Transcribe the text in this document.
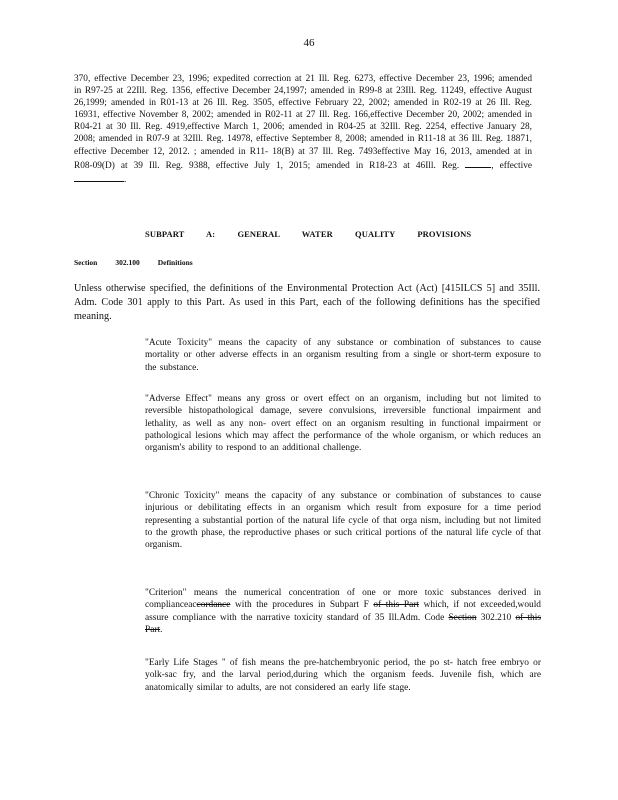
46
370, effective December 23, 1996; expedited correction at 21 Ill. Reg. 6273, effective December 23, 1996; amended in R97-25 at 22Ill. Reg. 1356, effective December 24,1997; amended in R99-8 at 23Ill. Reg. 11249, effective August 26,1999; amended in R01-13 at 26 Ill. Reg. 3505, effective February 22, 2002; amended in R02-19 at 26 Ill. Reg. 16931, effective November 8, 2002; amended in R02-11 at 27 Ill. Reg. 166,effective December 20, 2002; amended in R04-21 at 30 Ill. Reg. 4919,effective March 1, 2006; amended in R04-25 at 32Ill. Reg. 2254, effective January 28, 2008; amended in R07-9 at 32Ill. Reg. 14978, effective September 8, 2008; amended in R11-18 at 36 Ill. Reg. 18871, effective December 12, 2012. ; amended in R11- 18(B) at 37 Ill. Reg. 7493effective May 16, 2013, amended at in R08-09(D) at 39 Ill. Reg. 9388, effective July 1, 2015; amended in R18-23 at 46Ill. Reg.	, effective .
SUBPART A: GENERAL WATER QUALITY PROVISIONS
Section 302.100 Definitions
Unless otherwise specified, the definitions of the Environmental Protection Act (Act) [415ILCS 5] and 35Ill. Adm. Code 301 apply to this Part. As used in this Part, each of the following definitions has the specified meaning.
"Acute Toxicity" means the capacity of any substance or combination of substances to cause mortality or other adverse effects in an organism resulting from a single or short-term exposure to the substance.
"Adverse Effect" means any gross or overt effect on an organism, including but not limited to reversible histopathological damage, severe convulsions, irreversible functional impairment and lethality, as well as any non- overt effect on an organism resulting in functional impairment or pathological lesions which may affect the performance of the whole organism, or which reduces an organism's ability to respond to an additional challenge.
"Chronic Toxicity" means the capacity of any substance or combination of substances to cause injurious or debilitating effects in an organism which result from exposure for a time period representing a substantial portion of the natural life cycle of that orga nism, including but not limited to the growth phase, the reproductive phases or such critical portions of the natural life cycle of that organism.
"Criterion" means the numerical concentration of one or more toxic substances derived in complianceaccordance with the procedures in Subpart F of this Part which, if not exceeded,would assure compliance with the narrative toxicity standard of 35 Ill.Adm. Code Section 302.210 of this Part.
"Early Life Stages " of fish means the pre-hatchembryonic period, the po st- hatch free embryo or yolk-sac fry, and the larval period,during which the organism feeds. Juvenile fish, which are anatomically similar to adults, are not considered an early life stage.
